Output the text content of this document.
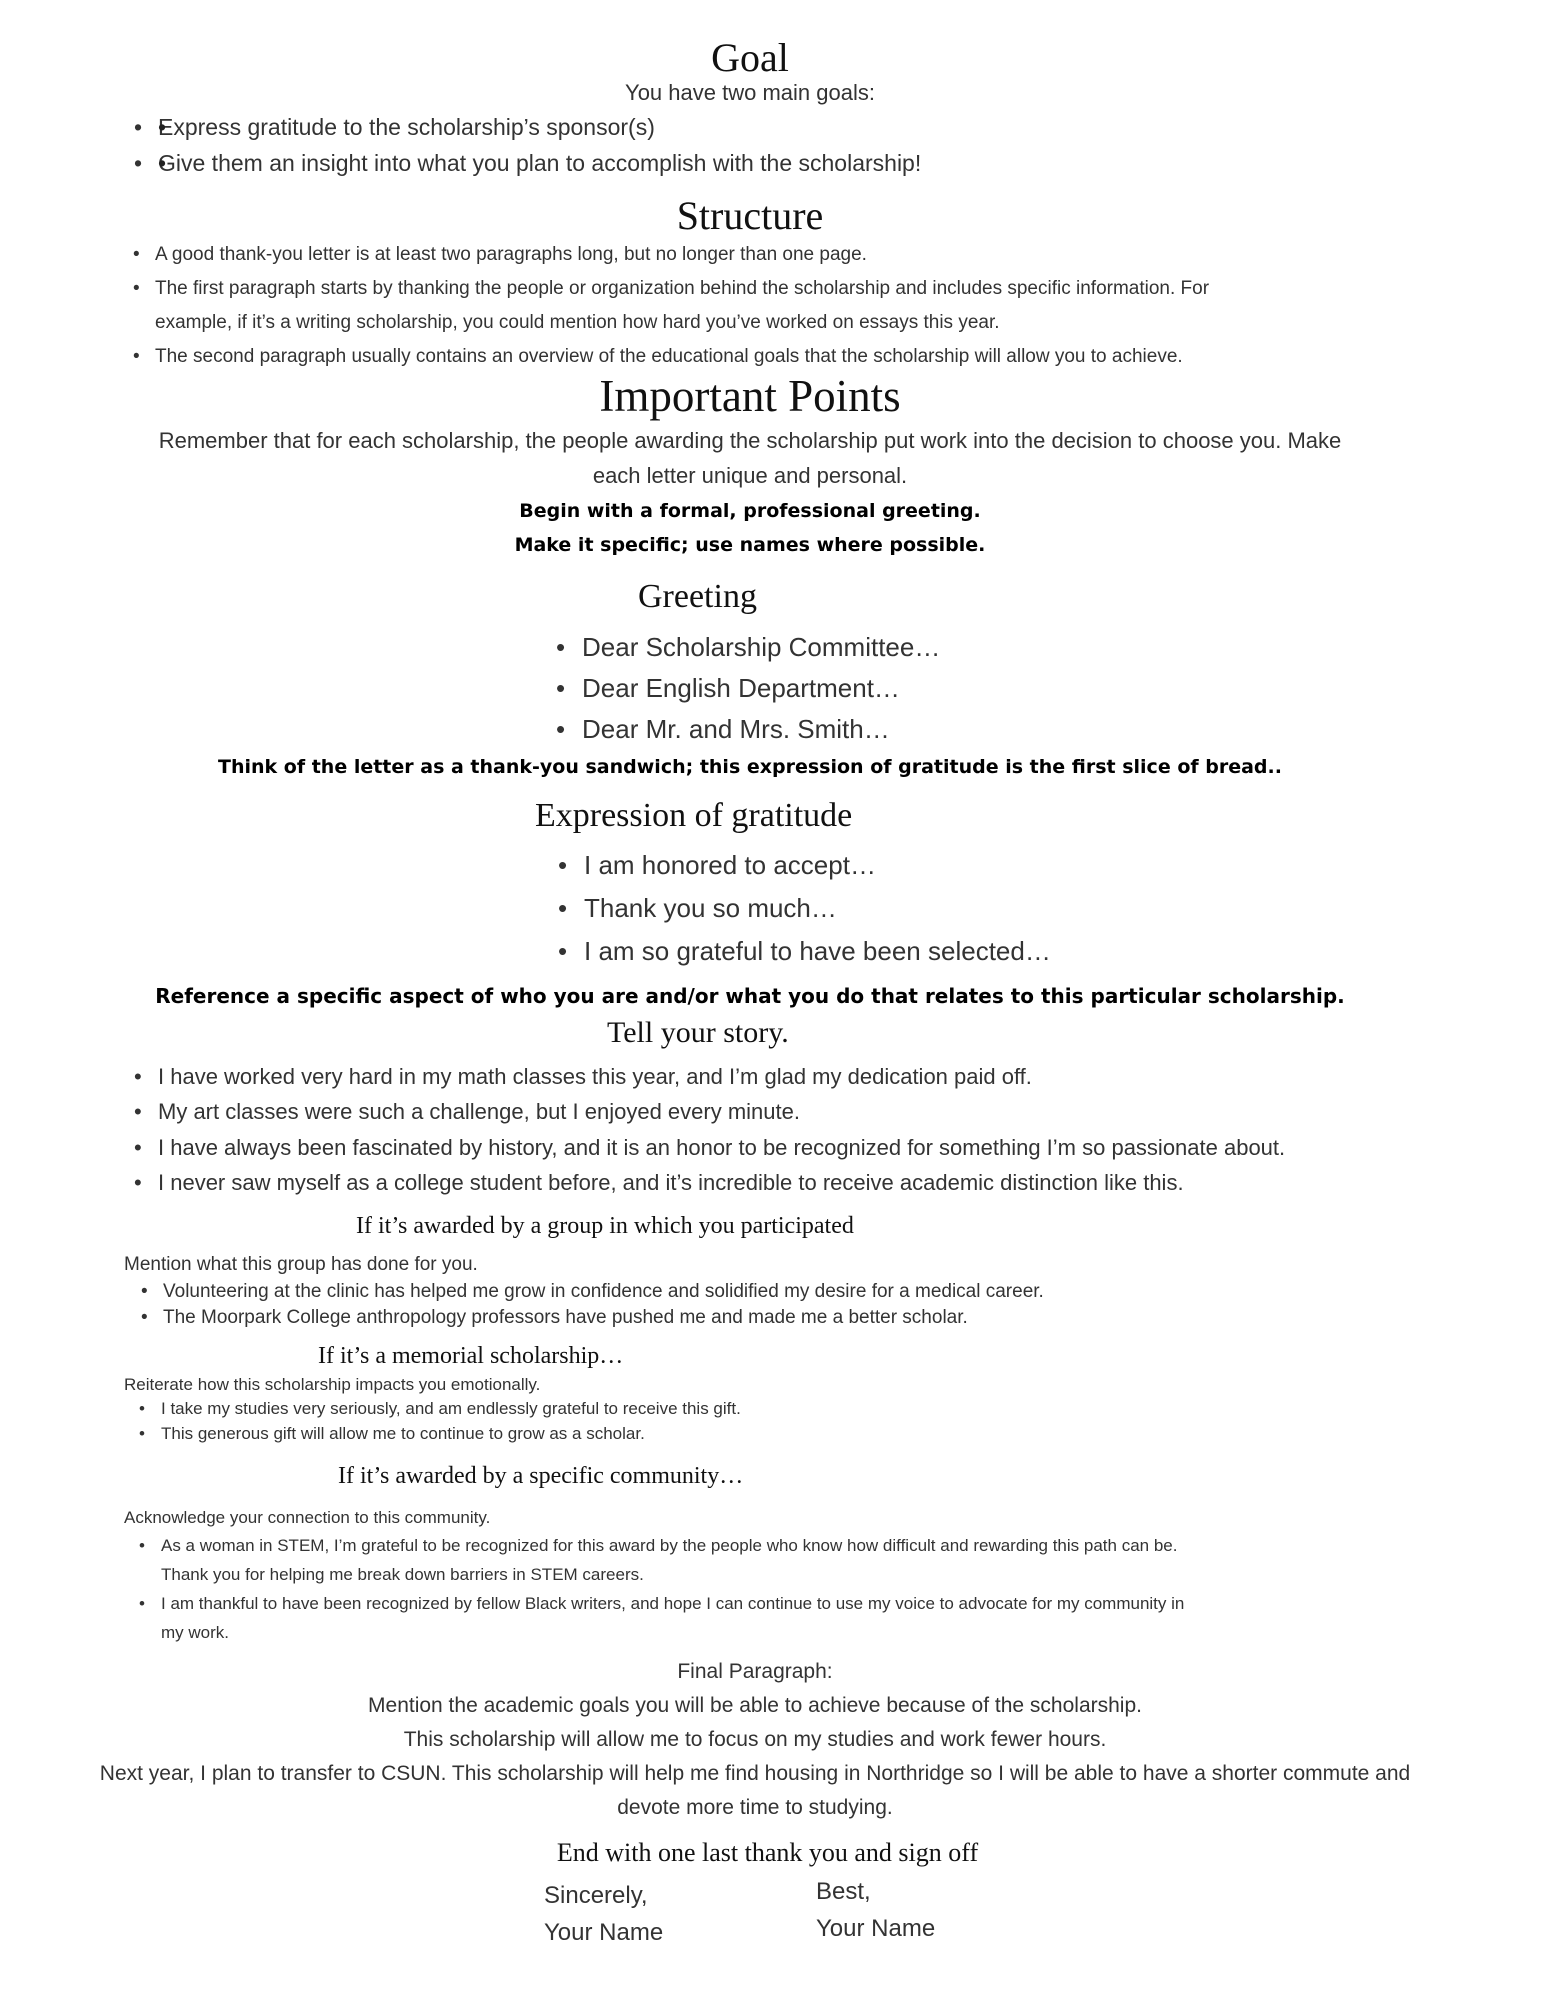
Goal
You have two main goals:
• • Express gratitude to the scholarship’s sponsor(s)
• • Give them an insight into what you plan to accomplish with the scholarship!
Structure
• A good thank-you letter is at least two paragraphs long, but no longer than one page.
• The first paragraph starts by thanking the people or organization behind the scholarship and includes specific information. For
example, if it’s a writing scholarship, you could mention how hard you’ve worked on essays this year.
• The second paragraph usually contains an overview of the educational goals that the scholarship will allow you to achieve.
Important Points
Remember that for each scholarship, the people awarding the scholarship put work into the decision to choose you. Make
each letter unique and personal.
Begin with a formal, professional greeting.
Make it specific; use names where possible.
Greeting
• Dear Scholarship Committee…
• Dear English Department…
• Dear Mr. and Mrs. Smith…
Think of the letter as a thank-you sandwich; this expression of gratitude is the first slice of bread..
Expression of gratitude
• I am honored to accept…
• Thank you so much…
• I am so grateful to have been selected…
Reference a specific aspect of who you are and/or what you do that relates to this particular scholarship.
Tell your story.
• I have worked very hard in my math classes this year, and I’m glad my dedication paid off.
• My art classes were such a challenge, but I enjoyed every minute.
• I have always been fascinated by history, and it is an honor to be recognized for something I’m so passionate about.
• I never saw myself as a college student before, and it’s incredible to receive academic distinction like this.
If it’s awarded by a group in which you participated
Mention what this group has done for you.
• Volunteering at the clinic has helped me grow in confidence and solidified my desire for a medical career.
• The Moorpark College anthropology professors have pushed me and made me a better scholar.
If it’s a memorial scholarship…
Reiterate how this scholarship impacts you emotionally.
• I take my studies very seriously, and am endlessly grateful to receive this gift.
• This generous gift will allow me to continue to grow as a scholar.
If it’s awarded by a specific community…
Acknowledge your connection to this community.
• As a woman in STEM, I’m grateful to be recognized for this award by the people who know how difficult and rewarding this path can be.
Thank you for helping me break down barriers in STEM careers.
• I am thankful to have been recognized by fellow Black writers, and hope I can continue to use my voice to advocate for my community in
my work.
Final Paragraph:
Mention the academic goals you will be able to achieve because of the scholarship.
This scholarship will allow me to focus on my studies and work fewer hours.
Next year, I plan to transfer to CSUN. This scholarship will help me find housing in Northridge so I will be able to have a shorter commute and
devote more time to studying.
End with one last thank you and sign off
Sincerely,
Your Name
Best,
Your Name
